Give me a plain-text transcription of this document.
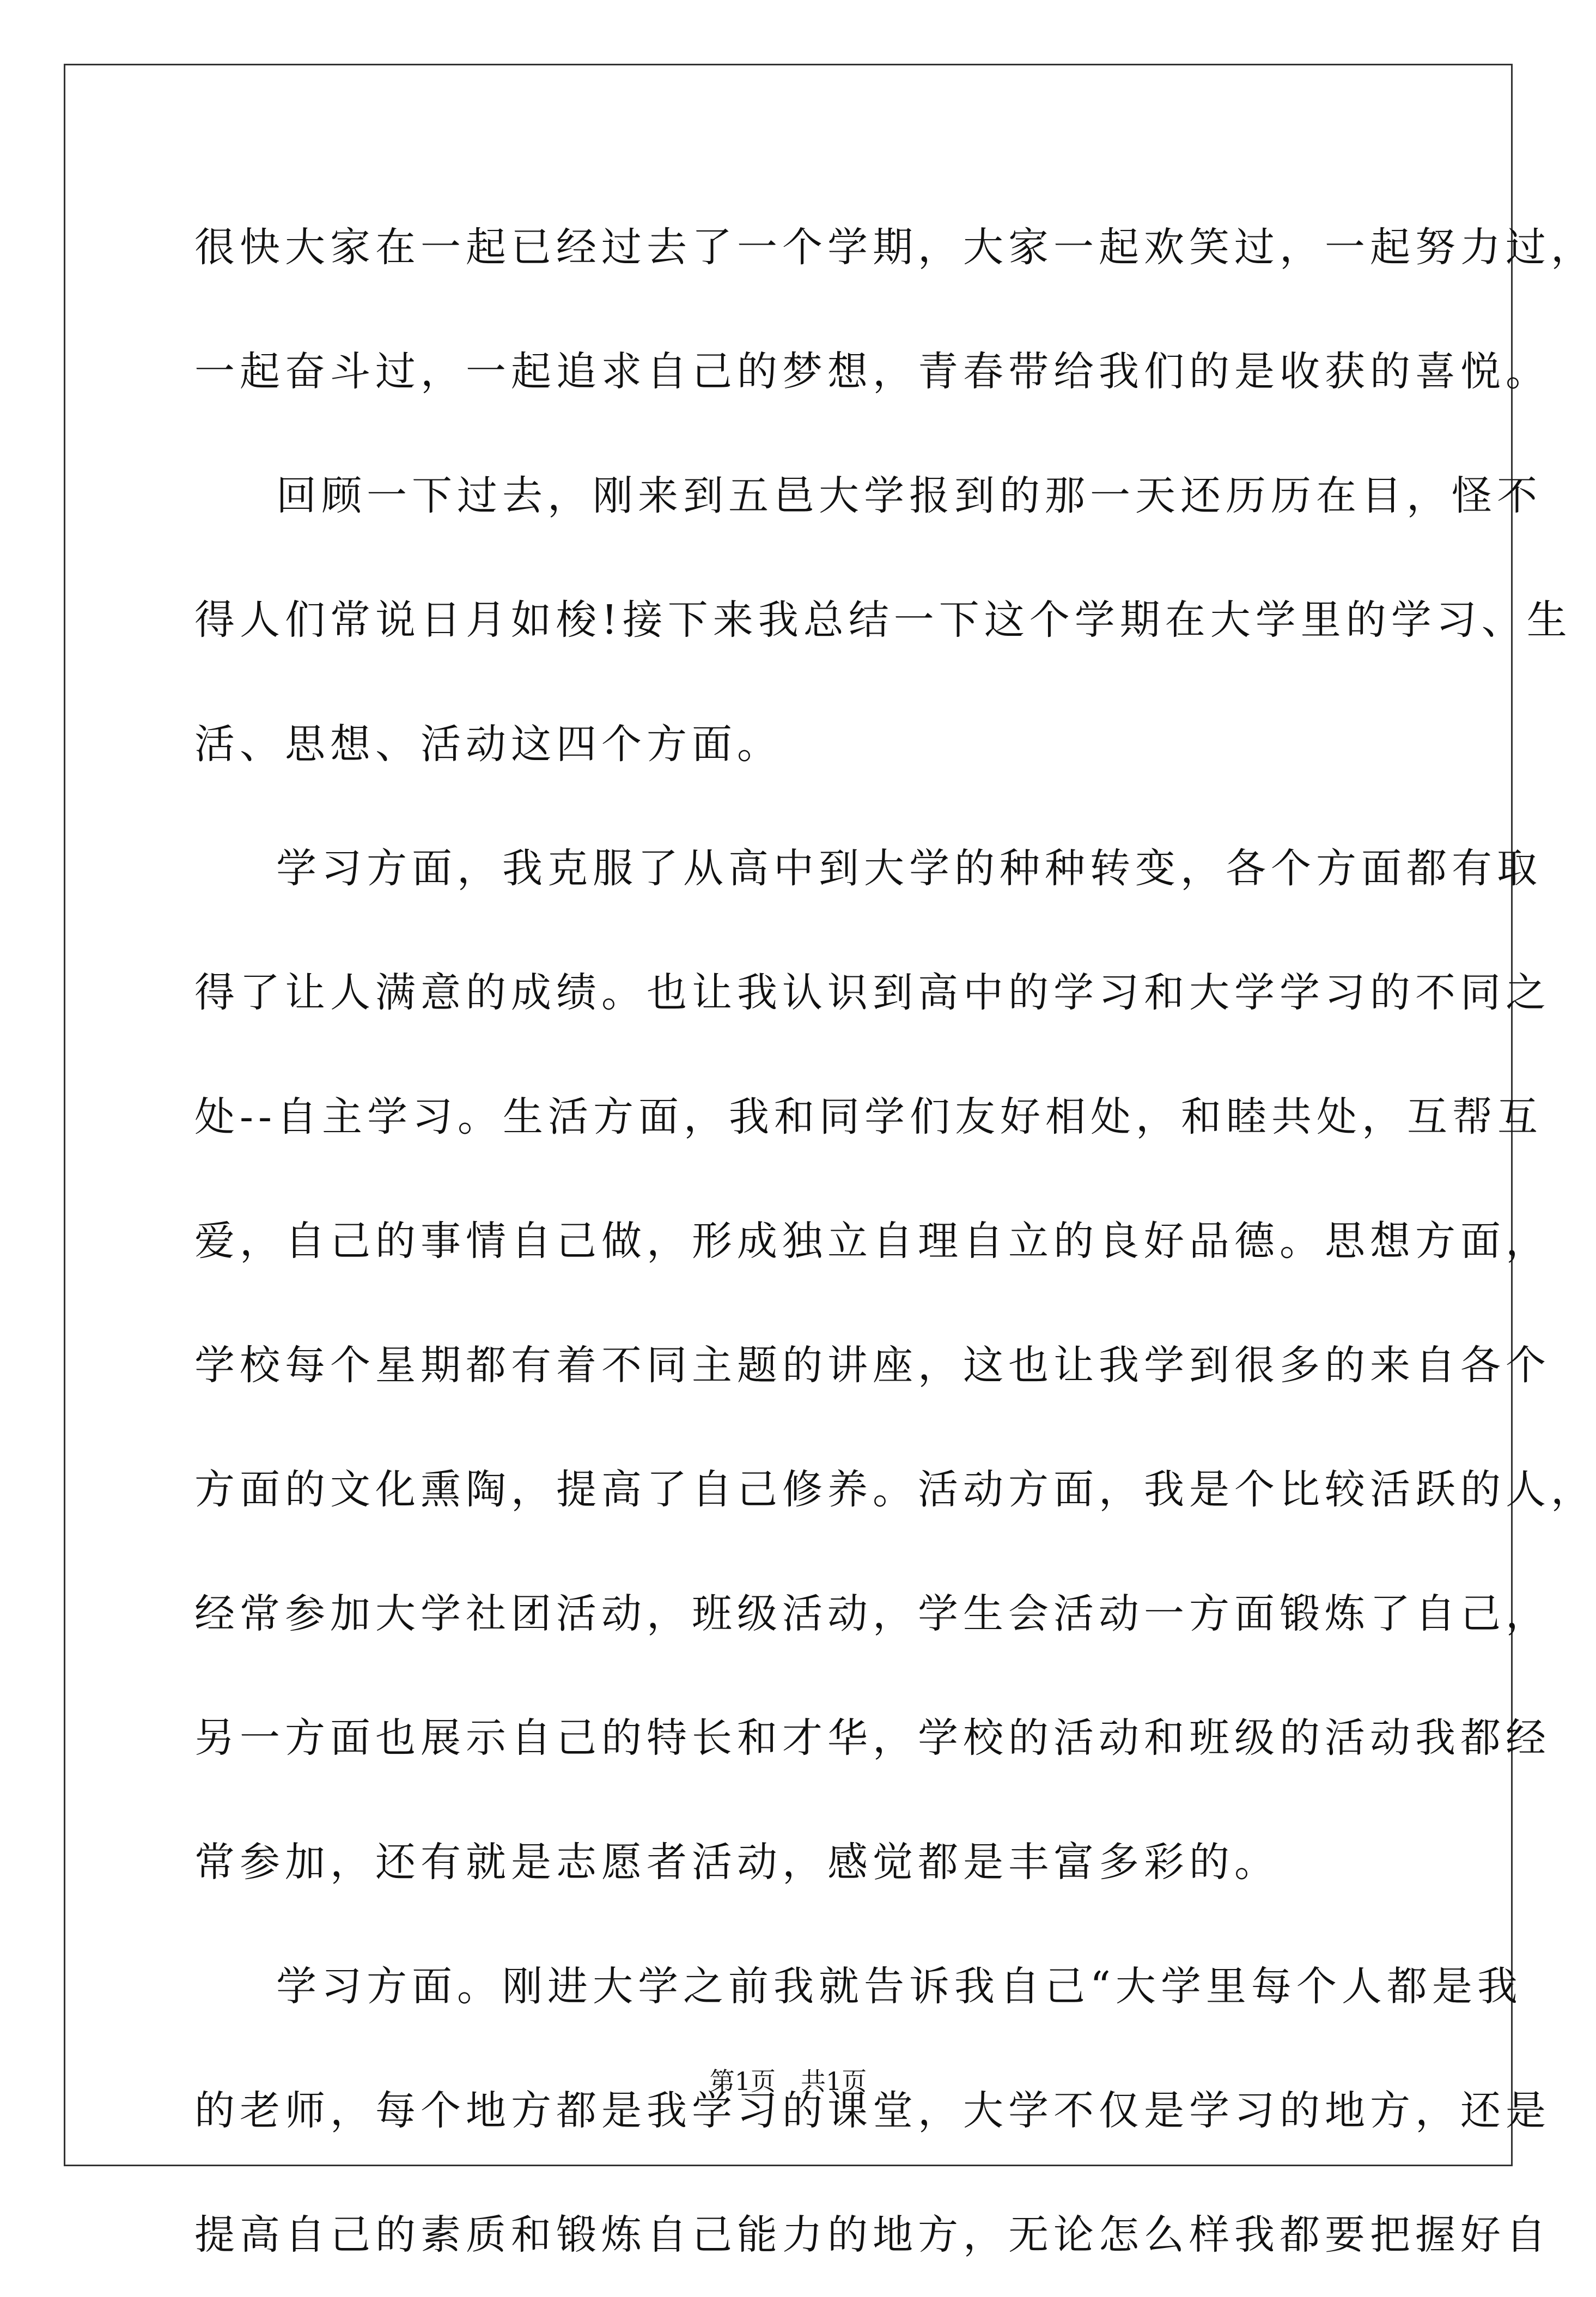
很快大家在一起已经过去了一个学期，大家一起欢笑过，一起努力过，
一起奋斗过，一起追求自己的梦想，青春带给我们的是收获的喜悦。
回顾一下过去，刚来到五邑大学报到的那一天还历历在目，怪不
得人们常说日月如梭!接下来我总结一下这个学期在大学里的学习、生
活、思想、活动这四个方面。
学习方面，我克服了从高中到大学的种种转变，各个方面都有取
得了让人满意的成绩。也让我认识到高中的学习和大学学习的不同之
处--自主学习。生活方面，我和同学们友好相处，和睦共处，互帮互
爱，自己的事情自己做，形成独立自理自立的良好品德。思想方面，
学校每个星期都有着不同主题的讲座，这也让我学到很多的来自各个
方面的文化熏陶，提高了自己修养。活动方面，我是个比较活跃的人，
经常参加大学社团活动，班级活动，学生会活动一方面锻炼了自己，
另一方面也展示自己的特长和才华，学校的活动和班级的活动我都经
常参加，还有就是志愿者活动，感觉都是丰富多彩的。
学习方面。刚进大学之前我就告诉我自己“大学里每个人都是我
的老师，每个地方都是我学习的课堂，大学不仅是学习的地方，还是
提高自己的素质和锻炼自己能力的地方，无论怎么样我都要把握好自
第1页　共1页
